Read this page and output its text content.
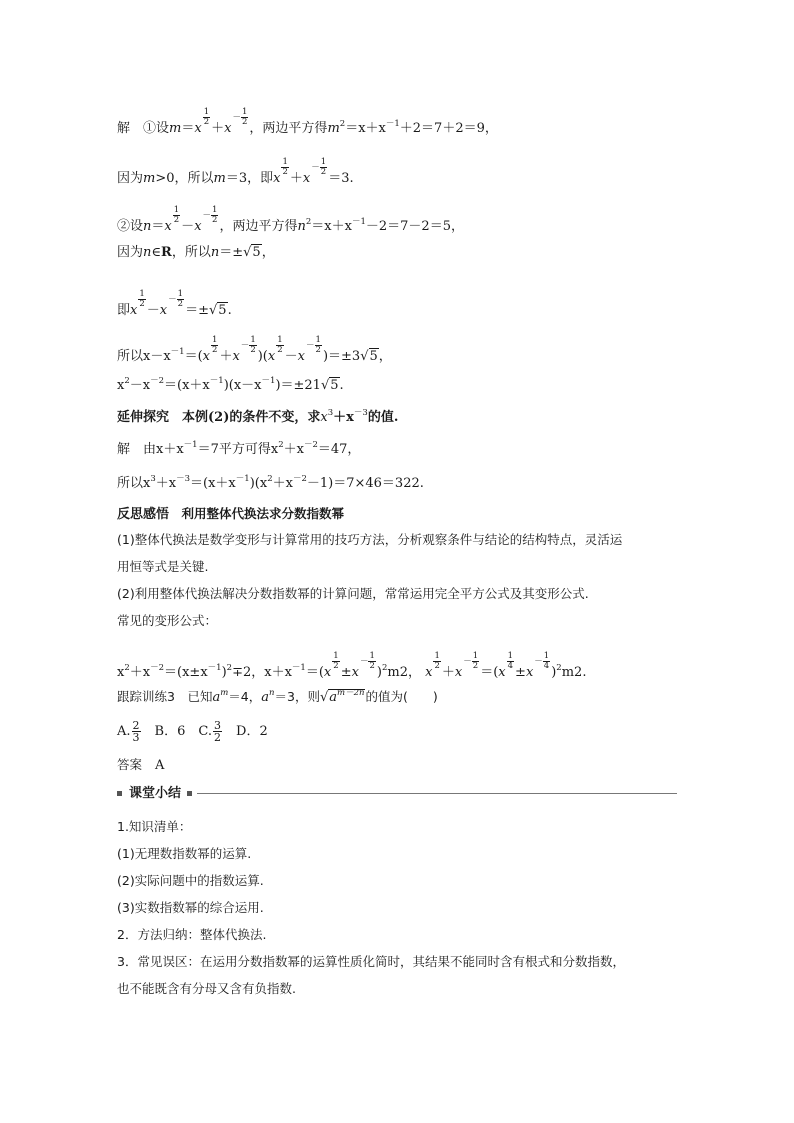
解　①设m＝x
$\frac{1}{2}$
$+x- \frac{1}{2}$
，两边平方得$m^2=x+x^{-1}+2=7+2=9$，
因为m>0，所以m＝3，即x
$\frac{1}{2}$
$+x- \frac{1}{2}$
＝3.
②设n＝x
$\frac{1}{2}$
$-x- \frac{1}{2}$
，两边平方得$n^2=x+x^{-1}-2=7-2=5$，
因为n∈R，所以n＝±√5，
即x
$\frac{1}{2}$
$-x- \frac{1}{2}$
＝±√5.
所以$x-x^{-1}=(x$
$\frac{1}{2}$
$+x- \frac{1}{2}$
)(x
$\frac{1}{2}$
$-x- \frac{1}{2}$
)＝±3√5，
$x^2-x^{-2}=(x+x^{-1})(x-x^{-1})=\pm 21√5$.
延伸探究　本例(2)的条件不变，求$x^3+x^{-3}$的值.
解　由$x+x^{-1}=7$平方可得$x^2+x^{-2}=47$，
所以$x^3+x^{-3}=(x+x^{-1})(x^2+x^{-2}-1)=7\times 46=322$.
反思感悟　利用整体代换法求分数指数幂
(1)整体代换法是数学变形与计算常用的技巧方法，分析观察条件与结论的结构特点，灵活运
用恒等式是关键.
(2)利用整体代换法解决分数指数幂的计算问题，常常运用完全平方公式及其变形公式.
常见的变形公式：
$x^2+x^{-2}=(x\pm x^{-1})^2\mp 2$，$x+x^{-1}=(x$
$\frac{1}{2}$
$\pm x- \frac{1}{2}$
)$^2$m2， x
$\frac{1}{2}$
$+x- \frac{1}{2}$
＝(x
$\frac{1}{4}$
$\pm x- \frac{1}{4}$
)$^2$m2.
跟踪训练3　已知$a^m=4$，$a^n=3$，则$√a^{m-2n}$的值为(　　)
A. $\frac{2}{3}$
　 B．6　 C. $\frac{3}{2}$
　 D．2
答案　A
课堂小结
1.知识清单：
(1)无理数指数幂的运算.
(2)实际问题中的指数运算.
(3)实数指数幂的综合运用.
2．方法归纳：整体代换法.
3．常见误区：在运用分数指数幂的运算性质化简时，其结果不能同时含有根式和分数指数，
也不能既含有分母又含有负指数.
